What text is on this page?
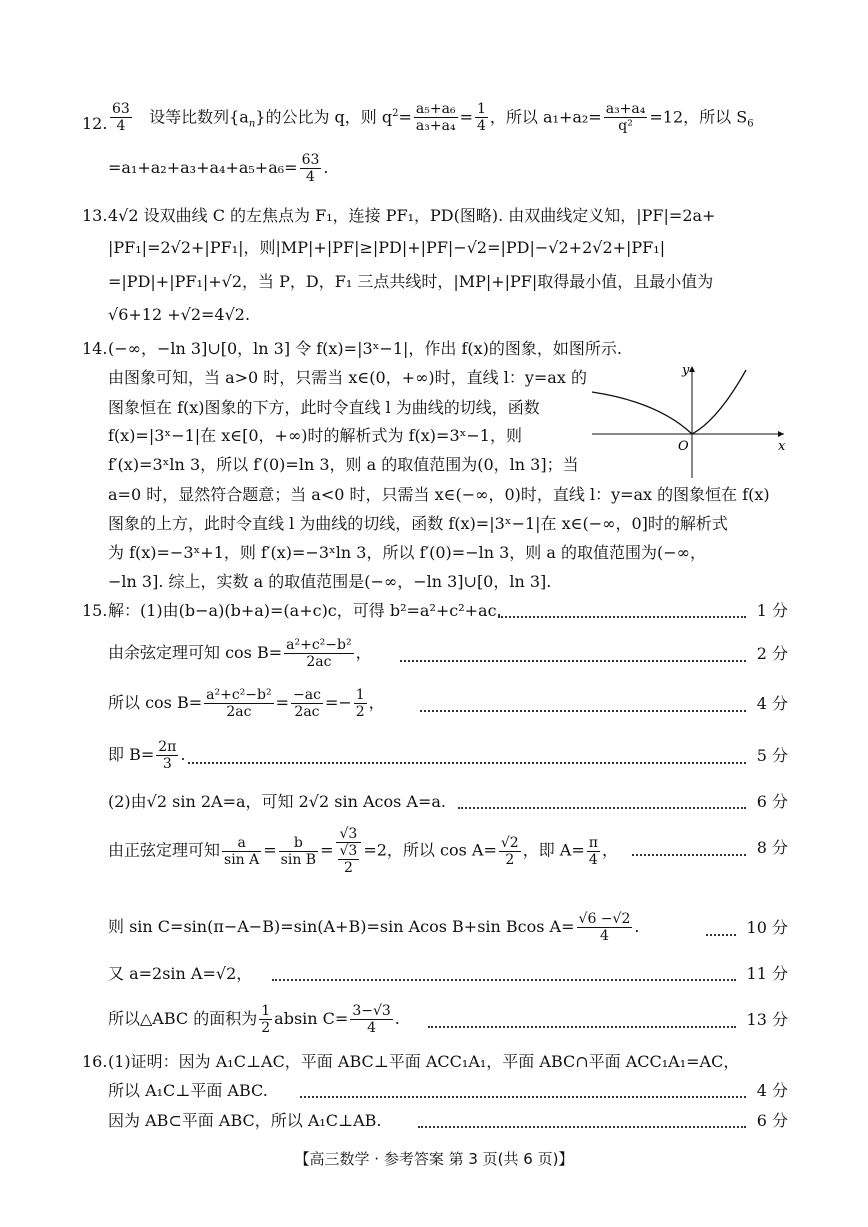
12. $\frac{63}{4}$ 设等比数列$\{a_n\}$的公比为 q，则 $q^2= \frac{\text{a₅+a₆}}{\text{a₃+a₄}} = \frac{1}{4}$ ，所以 $a_1+a_2= \frac{\text{a₃+a₄}}{\text{q²}} =12$，所以 $S_6$
$=a_1+a_2+a_3+a_4+a_5+a_6= \frac{63}{4}$ .
13. 4√2 设双曲线 C 的左焦点为 F₁，连接 PF₁，PD(图略). 由双曲线定义知，|PF|=2a+
|PF₁|=2√2+|PF₁|，则|MP|+|PF|≥|PD|+|PF|−√2=|PD|−√2+2√2+|PF₁|
=|PD|+|PF₁|+√2，当 P，D，F₁ 三点共线时，|MP|+|PF|取得最小值，且最小值为
√6+12 +√2=4√2.
14. (−∞，−ln 3]∪[0，ln 3] 令 f(x)=|3ˣ−1|，作出 f(x)的图象，如图所示.
由图象可知，当 a>0 时，只需当 x∈(0，+∞)时，直线 l：y=ax 的
图象恒在 f(x)图象的下方，此时令直线 l 为曲线的切线，函数
f(x)=|3ˣ−1|在 x∈[0，+∞)时的解析式为 f(x)=3ˣ−1，则
f′(x)=3ˣln 3，所以 f′(0)=ln 3，则 a 的取值范围为(0，ln 3]；当
a=0 时，显然符合题意；当 a<0 时，只需当 x∈(−∞，0)时，直线 l：y=ax 的图象恒在 f(x)
图象的上方，此时令直线 l 为曲线的切线，函数 f(x)=|3ˣ−1|在 x∈(−∞，0]时的解析式
为 f(x)=−3ˣ+1，则 f′(x)=−3ˣln 3，所以 f′(0)=−ln 3，则 a 的取值范围为(−∞，
−ln 3]. 综上，实数 a 的取值范围是(−∞，−ln 3]∪[0，ln 3].
y
x
O
15. 解：(1)由(b−a)(b+a)=(a+c)c，可得 b²=a²+c²+ac.	1 分
由余弦定理可知 $\cos B= \frac{\text{a²+c²−b²}}{2ac}$ ，	2 分
所以 $\cos B= \frac{\text{a²+c²−b²}}{2ac} = \frac{-ac}{2ac} =- \frac{1}{2}$ ，	4 分
即 $B= \frac{2\pi}{3}$ .	5 分
(2)由√2 sin 2A=a，可知 2√2 sin Acos A=a.	6 分
由正弦定理可知 $\frac{a}{\text{sin A}} = \frac{b}{\text{sin B}} = \frac{√3}{\frac{√3}{2}} =2$，所以 $\cos A= \frac{√2}{2}$ ，即 $A= \frac{\pi}{4}$ ，	8 分
则 sin C=sin(π−A−B)=sin(A+B)=sin Acos B+sin Bcos $A= \frac{√6 -√2}{4}$ .	10 分
又 a=2sin A=√2，	11 分
所以△ABC 的面积为 $\frac{1}{2}$ absin $C= \frac{3-√3}{4}$ .	13 分
16. (1)证明：因为 A₁C⊥AC，平面 ABC⊥平面 ACC₁A₁，平面 ABC∩平面 ACC₁A₁=AC，
所以 A₁C⊥平面 ABC.	4 分
因为 AB⊂平面 ABC，所以 A₁C⊥AB.	6 分
【高三数学 · 参考答案 第 3 页(共 6 页)】
